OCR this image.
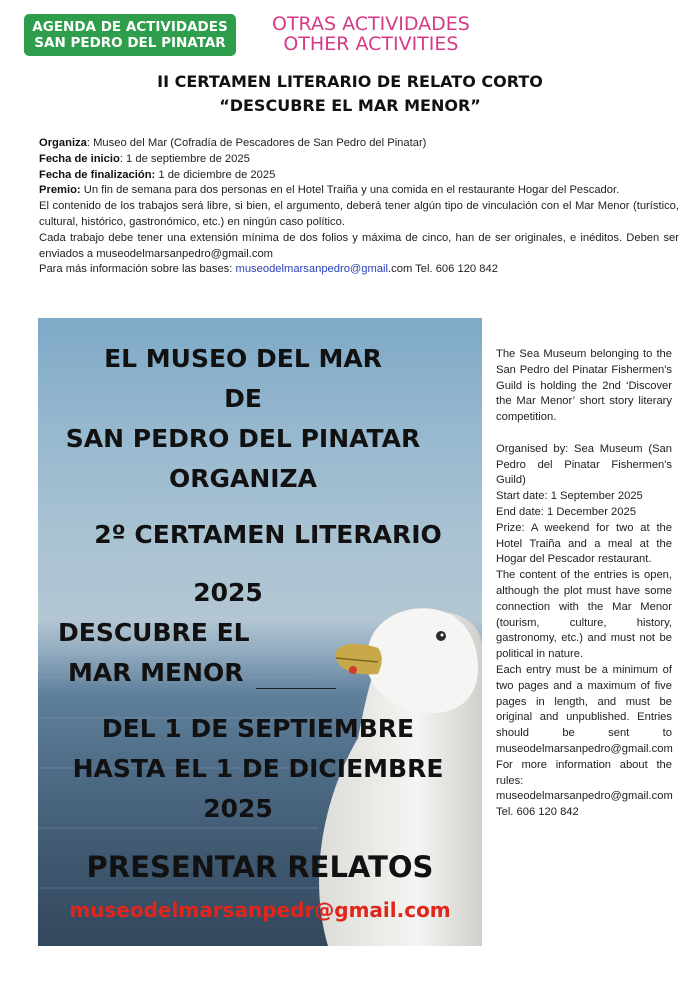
AGENDA DE ACTIVIDADES
SAN PEDRO DEL PINATAR
OTRAS ACTIVIDADES
OTHER ACTIVITIES
II CERTAMEN LITERARIO DE RELATO CORTO
“DESCUBRE EL MAR MENOR”

Organiza: Museo del Mar (Cofradía de Pescadores de San Pedro del Pinatar)

Fecha de inicio: 1 de septiembre de 2025

Fecha de finalización: 1 de diciembre de 2025

Premio: Un fin de semana para dos personas en el Hotel Traiña y una comida en el restaurante Hogar del Pescador.

El contenido de los trabajos será libre, si bien, el argumento, deberá tener algún tipo de vinculación con el Mar Menor (turístico, cultural, histórico, gastronómico, etc.) en ningún caso político.

Cada trabajo debe tener una extensión mínima de dos folios y máxima de cinco, han de ser originales, e inéditos. Deben ser enviados a museodelmarsanpedro@gmail.com

Para más información sobre las bases: museodelmarsanpedro@gmail.com Tel. 606 120 842

EL MUSEO DEL MAR
DE
SAN PEDRO DEL PINATAR
ORGANIZA
2º CERTAMEN LITERARIO
2025
DESCUBRE EL
MAR MENOR
DEL 1 DE SEPTIEMBRE
HASTA EL 1 DE DICIEMBRE
2025
PRESENTAR RELATOS
museodelmarsanpedr@gmail.com

The Sea Museum belonging to the San Pedro del Pinatar Fishermen's Guild is holding the 2nd ‘Discover the Mar Menor’ short story literary competition.

Organised by: Sea Museum (San Pedro del Pinatar Fishermen's Guild)

Start date: 1 September 2025

End date: 1 December 2025

Prize: A weekend for two at the Hotel Traiña and a meal at the Hogar del Pescador restaurant.

The content of the entries is open, although the plot must have some connection with the Mar Menor (tourism, culture, history, gastronomy, etc.) and must not be political in nature.

Each entry must be a minimum of two pages and a maximum of five pages in length, and must be original and unpublished. Entries should be sent to museodelmarsanpedro@gmail.com

For more information about the rules: museodelmarsanpedro@gmail.com Tel. 606 120 842
